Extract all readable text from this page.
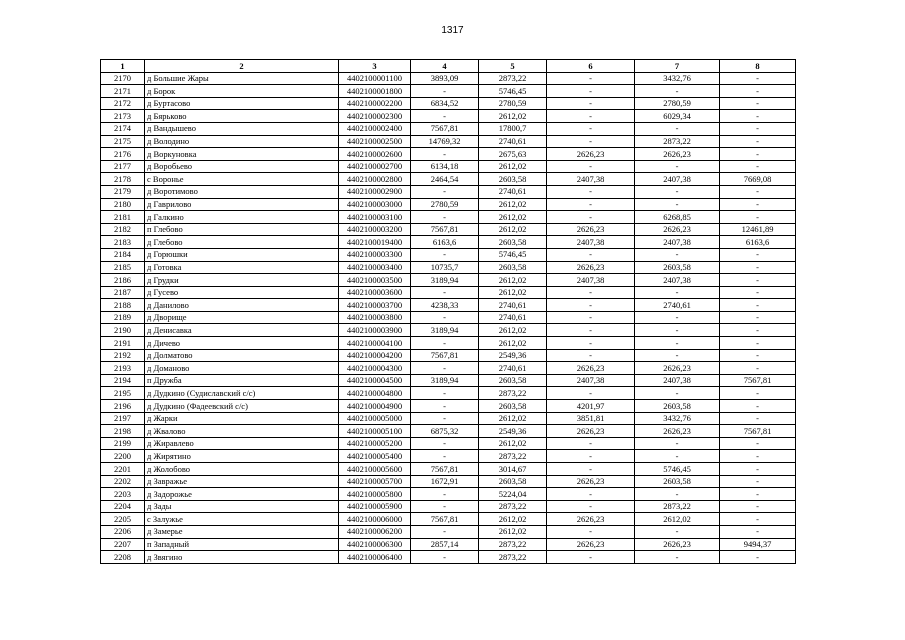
1317
1	2	3	4	5	6	7	8
2170	д Большие Жары	4402100001100	3893,09	2873,22	-	3432,76	-
2171	д Борок	4402100001800	-	5746,45	-	-	-
2172	д Буртасово	4402100002200	6834,52	2780,59	-	2780,59	-
2173	д Бярьково	4402100002300	-	2612,02	-	6029,34	-
2174	д Вандышево	4402100002400	7567,81	17800,7	-	-	-
2175	д Володино	4402100002500	14769,32	2740,61	-	2873,22	-
2176	д Воркуновка	4402100002600	-	2675,63	2626,23	2626,23	-
2177	д Воробьево	4402100002700	6134,18	2612,02	-	-	-
2178	с Воронье	4402100002800	2464,54	2603,58	2407,38	2407,38	7669,08
2179	д Воротимово	4402100002900	-	2740,61	-	-	-
2180	д Гаврилово	4402100003000	2780,59	2612,02	-	-	-
2181	д Галкино	4402100003100	-	2612,02	-	6268,85	-
2182	п Глебово	4402100003200	7567,81	2612,02	2626,23	2626,23	12461,89
2183	д Глебово	4402100019400	6163,6	2603,58	2407,38	2407,38	6163,6
2184	д Горюшки	4402100003300	-	5746,45	-	-	-
2185	д Готовка	4402100003400	10735,7	2603,58	2626,23	2603,58	-
2186	д Грудки	4402100003500	3189,94	2612,02	2407,38	2407,38	-
2187	д Гусево	4402100003600	-	2612,02	-	-	-
2188	д Даниловo	4402100003700	4238,33	2740,61	-	2740,61	-
2189	д Дворище	4402100003800	-	2740,61	-	-	-
2190	д Денисавка	4402100003900	3189,94	2612,02	-	-	-
2191	д Дичево	4402100004100	-	2612,02	-	-	-
2192	д Долматово	4402100004200	7567,81	2549,36	-	-	-
2193	д Доманово	4402100004300	-	2740,61	2626,23	2626,23	-
2194	п Дружба	4402100004500	3189,94	2603,58	2407,38	2407,38	7567,81
2195	д Дудкино (Судиславский с/с)	4402100004800	-	2873,22	-	-	-
2196	д Дудкино (Фадеевский с/с)	4402100004900	-	2603,58	4201,97	2603,58	-
2197	д Жарки	4402100005000	-	2612,02	3851,81	3432,76	-
2198	д Жвалово	4402100005100	6875,32	2549,36	2626,23	2626,23	7567,81
2199	д Жиравлево	4402100005200	-	2612,02	-	-	-
2200	д Жирятино	4402100005400	-	2873,22	-	-	-
2201	д Жолобово	4402100005600	7567,81	3014,67	-	5746,45	-
2202	д Завражье	4402100005700	1672,91	2603,58	2626,23	2603,58	-
2203	д Задорожье	4402100005800	-	5224,04	-	-	-
2204	д Зады	4402100005900	-	2873,22	-	2873,22	-
2205	с Залужье	4402100006000	7567,81	2612,02	2626,23	2612,02	-
2206	д Замерье	4402100006200	-	2612,02	-	-	-
2207	п Западный	4402100006300	2857,14	2873,22	2626,23	2626,23	9494,37
2208	д Звягино	4402100006400	-	2873,22	-	-	-
